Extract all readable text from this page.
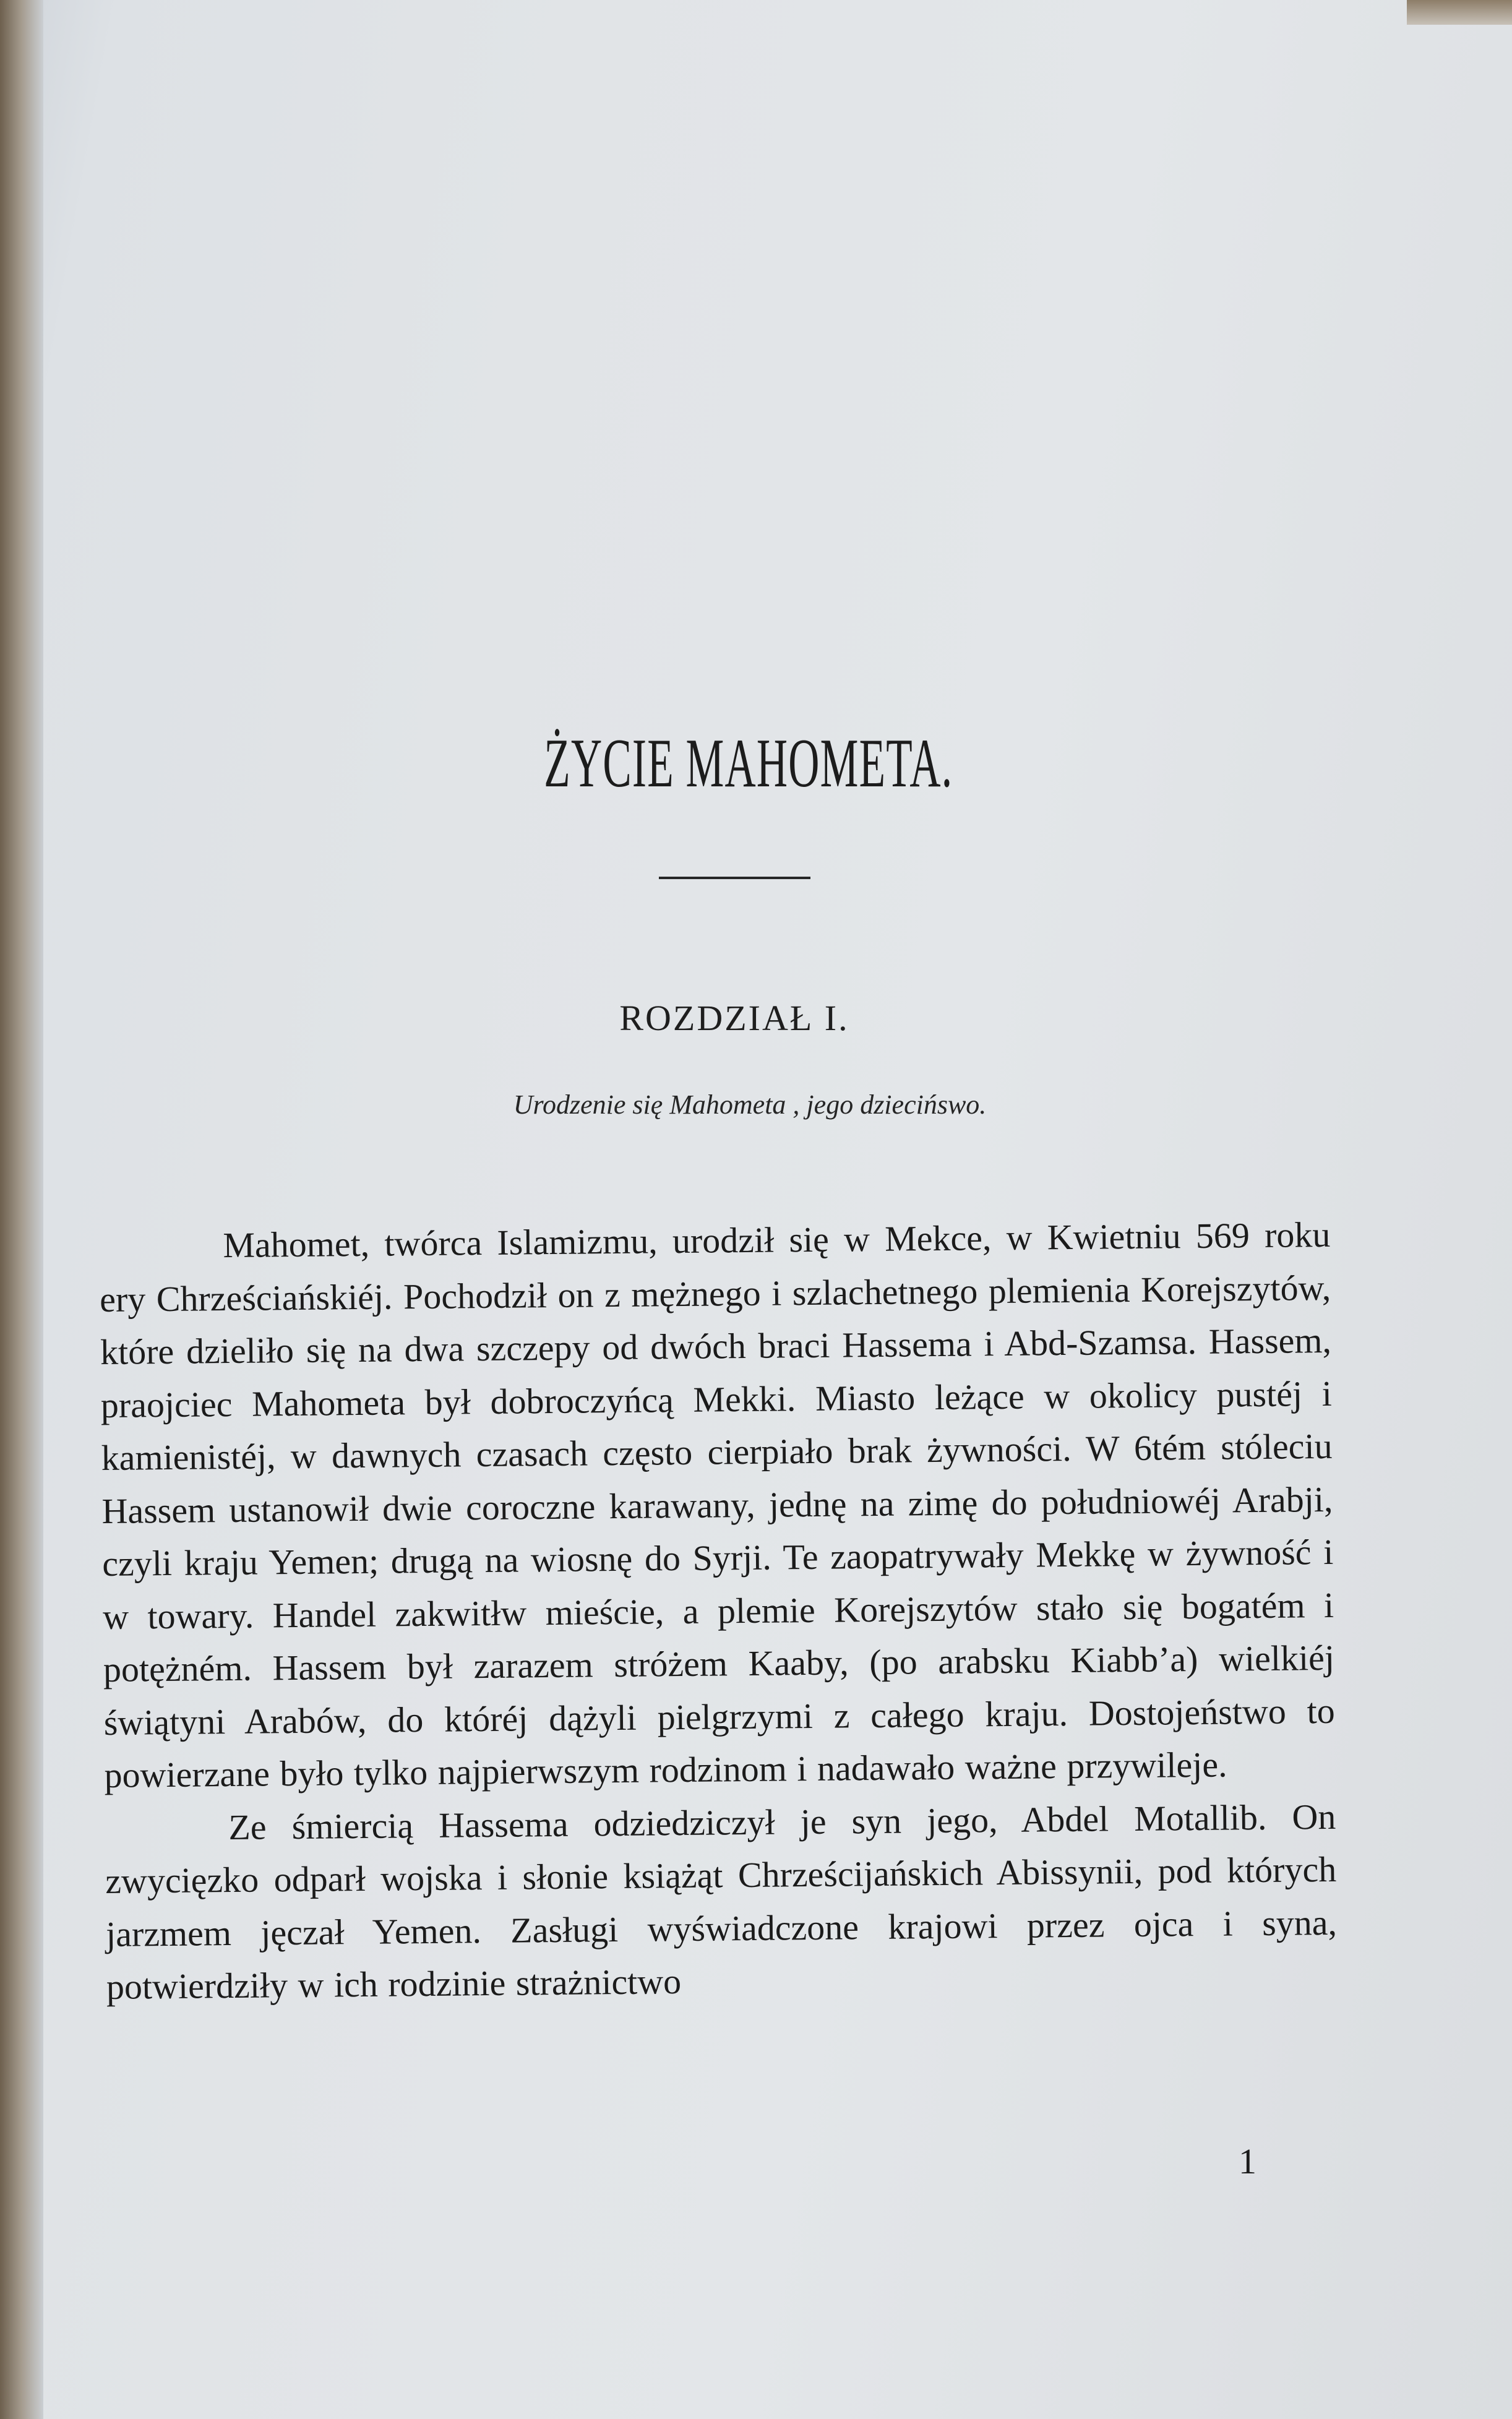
ŻYCIE MAHOMETA.
ROZDZIAŁ I.
Urodzenie się Mahometa , jego dziecińswo.

Mahomet, twórca Islamizmu, urodził się w Mekce, w Kwietniu 569 roku ery Chrześciańskiéj. Pochodził on z mężnego i szlachetnego plemienia Korejszytów, które dzieliło się na dwa szczepy od dwóch braci Hassema i Abd-Szamsa. Hassem, praojciec Mahometa był dobroczyńcą Mekki. Miasto leżące w okolicy pustéj i kamienistéj, w dawnych czasach często cierpiało brak żywności. W 6tém stóleciu Hassem ustanowił dwie coroczne karawany, jednę na zimę do południowéj Arabji, czyli kraju Yemen; drugą na wiosnę do Syrji. Te zaopatrywały Mekkę w żywność i w towary. Handel zakwitłw mieście, a plemie Korejszytów stało się bogatém i potężném. Hassem był zarazem stróżem Kaaby, (po arabsku Kiabb’a) wielkiéj świątyni Arabów, do któréj dążyli pielgrzymi z całego kraju. Dostojeństwo to powierzane było tylko najpierwszym rodzinom i nadawało ważne przywileje.

Ze śmiercią Hassema odziedziczył je syn jego, Abdel Motallib. On zwycięzko odparł wojska i słonie książąt Chrześcijańskich Abissynii, pod których jarzmem jęczał Yemen. Zasługi wyświadczone krajowi przez ojca i syna, potwierdziły w ich rodzinie strażnictwo

1
